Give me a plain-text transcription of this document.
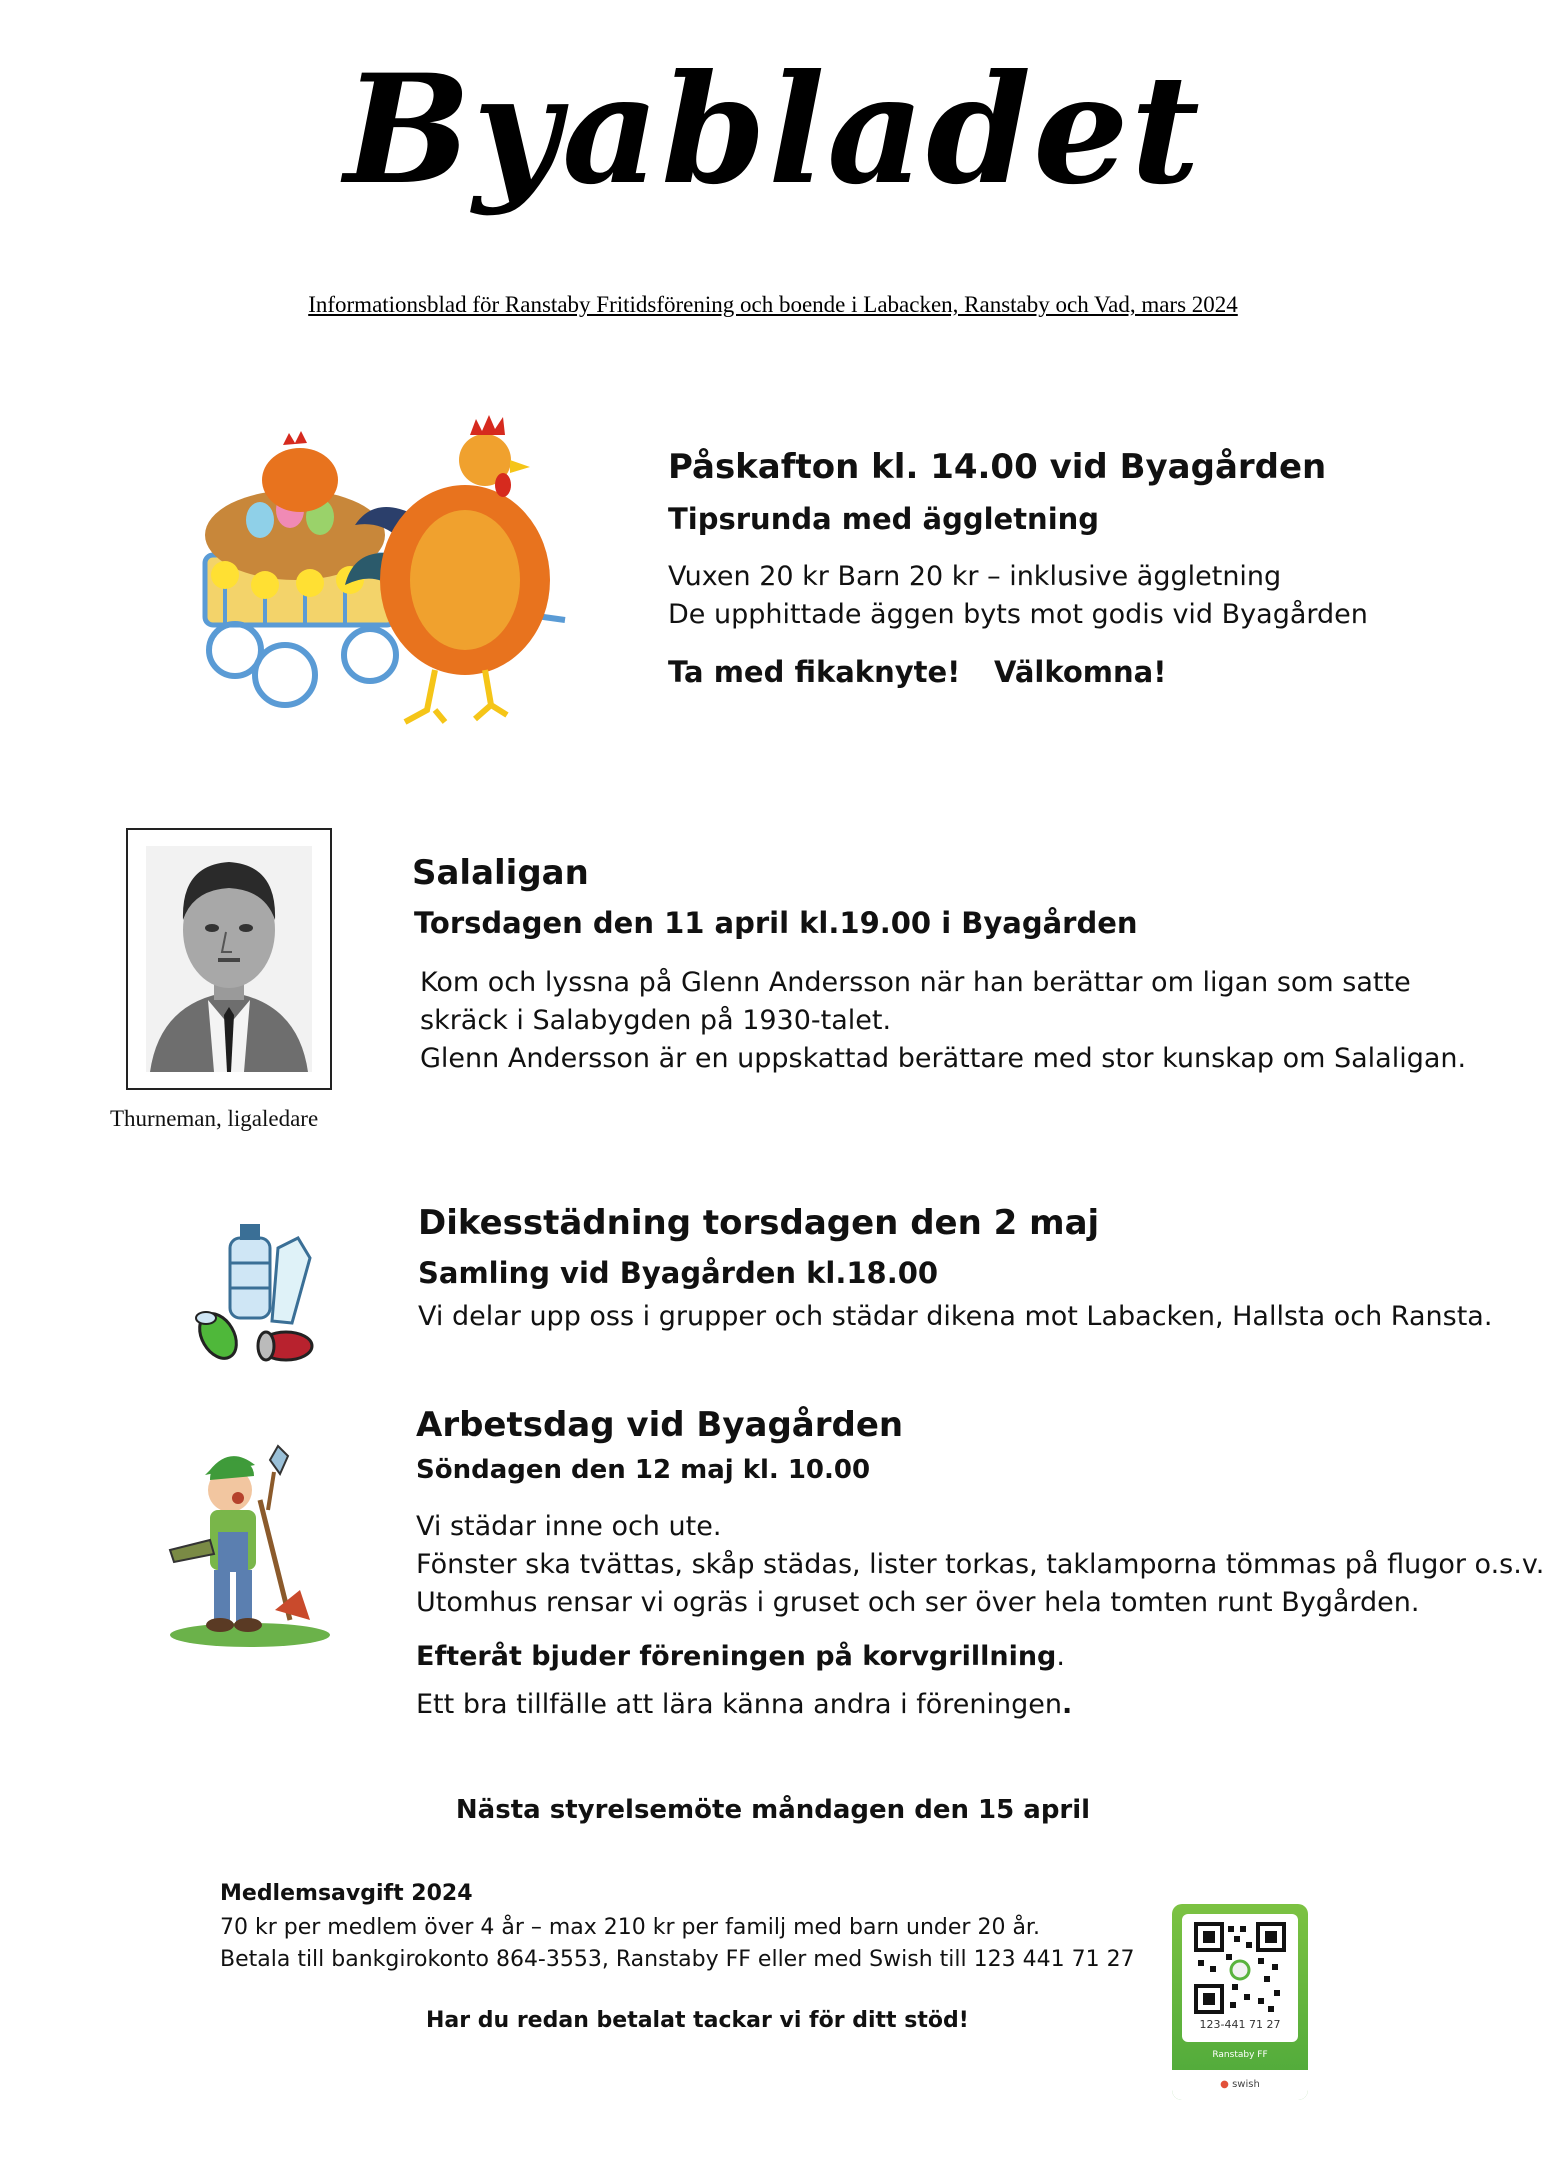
Byabladet
Informationsblad för Ranstaby Fritidsförening och boende i Labacken, Ranstaby och Vad, mars 2024
Påskafton kl. 14.00 vid Byagården
Tipsrunda med äggletning
Vuxen 20 kr Barn 20 kr – inklusive äggletning
De upphittade äggen byts mot godis vid Byagården
Ta med fikaknyte! Välkomna!
Thurneman, ligaledare
Salaligan
Torsdagen den 11 april kl.19.00 i Byagården
Kom och lyssna på Glenn Andersson när han berättar om ligan som satte
skräck i Salabygden på 1930-talet.
Glenn Andersson är en uppskattad berättare med stor kunskap om Salaligan.
Dikesstädning torsdagen den 2 maj
Samling vid Byagården kl.18.00
Vi delar upp oss i grupper och städar dikena mot Labacken, Hallsta och Ransta.
Arbetsdag vid Byagården
Söndagen den 12 maj kl. 10.00
Vi städar inne och ute.
Fönster ska tvättas, skåp städas, lister torkas, taklamporna tömmas på flugor o.s.v.
Utomhus rensar vi ogräs i gruset och ser över hela tomten runt Bygården.
Efteråt bjuder föreningen på korvgrillning.
Ett bra tillfälle att lära känna andra i föreningen.
Nästa styrelsemöte måndagen den 15 april
Medlemsavgift 2024
70 kr per medlem över 4 år – max 210 kr per familj med barn under 20 år.
Betala till bankgirokonto 864-3553, Ranstaby FF eller med Swish till 123 441 71 27
Har du redan betalat tackar vi för ditt stöd!	123-441 71 27
Ranstaby FF
● swish
